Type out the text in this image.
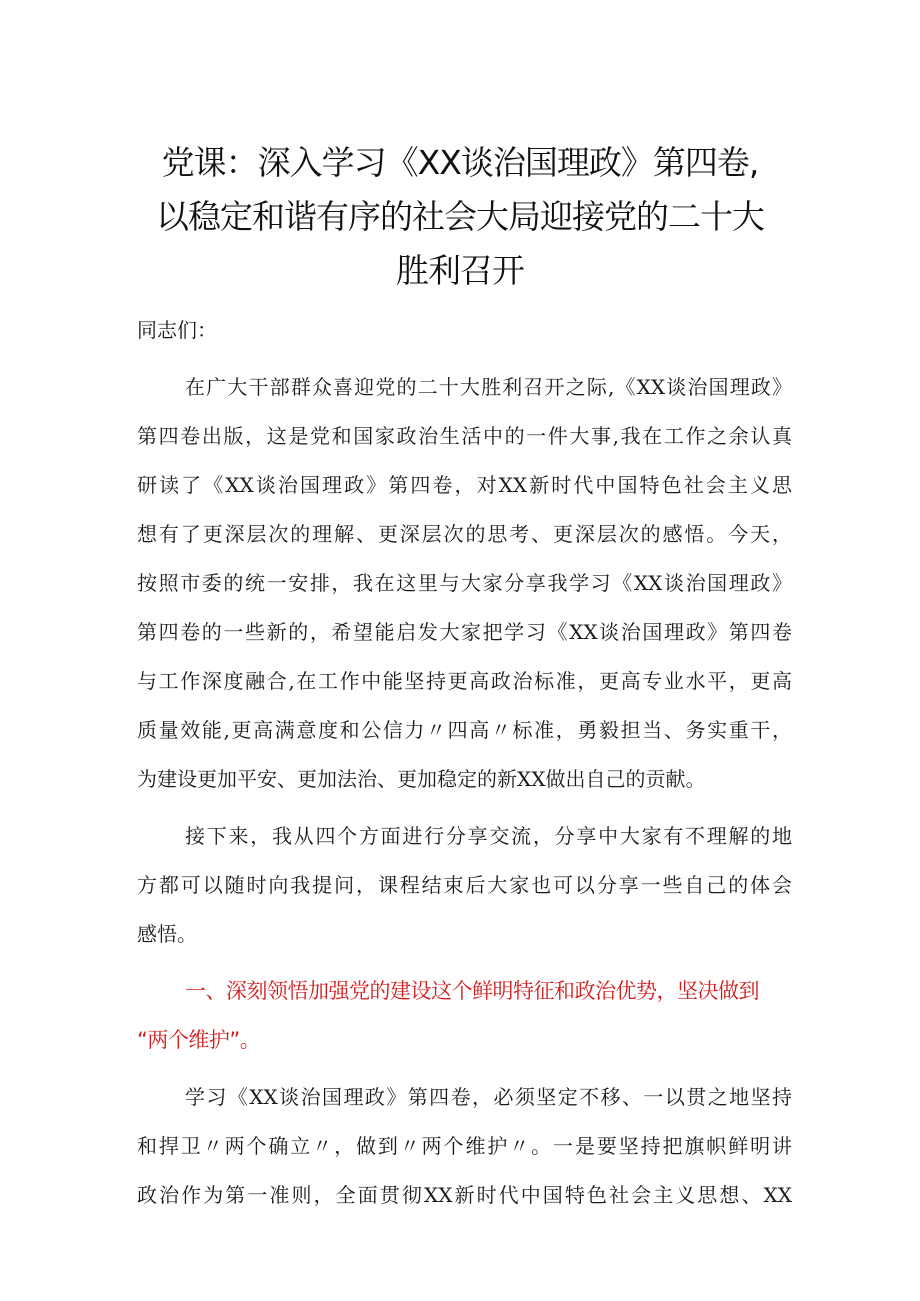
党课：深入学习《XX谈治国理政》第四卷,
以稳定和谐有序的社会大局迎接党的二十大
胜利召开
同志们：
在广大干部群众喜迎党的二十大胜利召开之际,《XX谈治国理政》
第四卷出版，这是党和国家政治生活中的一件大事,我在工作之余认真
研读了《XX谈治国理政》第四卷，对XX新时代中国特色社会主义思
想有了更深层次的理解、更深层次的思考、更深层次的感悟。今天，
按照市委的统一安排，我在这里与大家分享我学习《XX谈治国理政》
第四卷的一些新的，希望能启发大家把学习《XX谈治国理政》第四卷
与工作深度融合,在工作中能坚持更高政治标准，更高专业水平，更高
质量效能,更高满意度和公信力〃四高〃标准，勇毅担当、务实重干，
为建设更加平安、更加法治、更加稳定的新XX做出自己的贡献。
接下来，我从四个方面进行分享交流，分享中大家有不理解的地
方都可以随时向我提问，课程结束后大家也可以分享一些自己的体会
感悟。
一、深刻领悟加强党的建设这个鲜明特征和政治优势，坚决做到
“两个维护”。
学习《XX谈治国理政》第四卷，必须坚定不移、一以贯之地坚持
和捍卫〃两个确立〃，做到〃两个维护〃。一是要坚持把旗帜鲜明讲
政治作为第一准则，全面贯彻XX新时代中国特色社会主义思想、XX
